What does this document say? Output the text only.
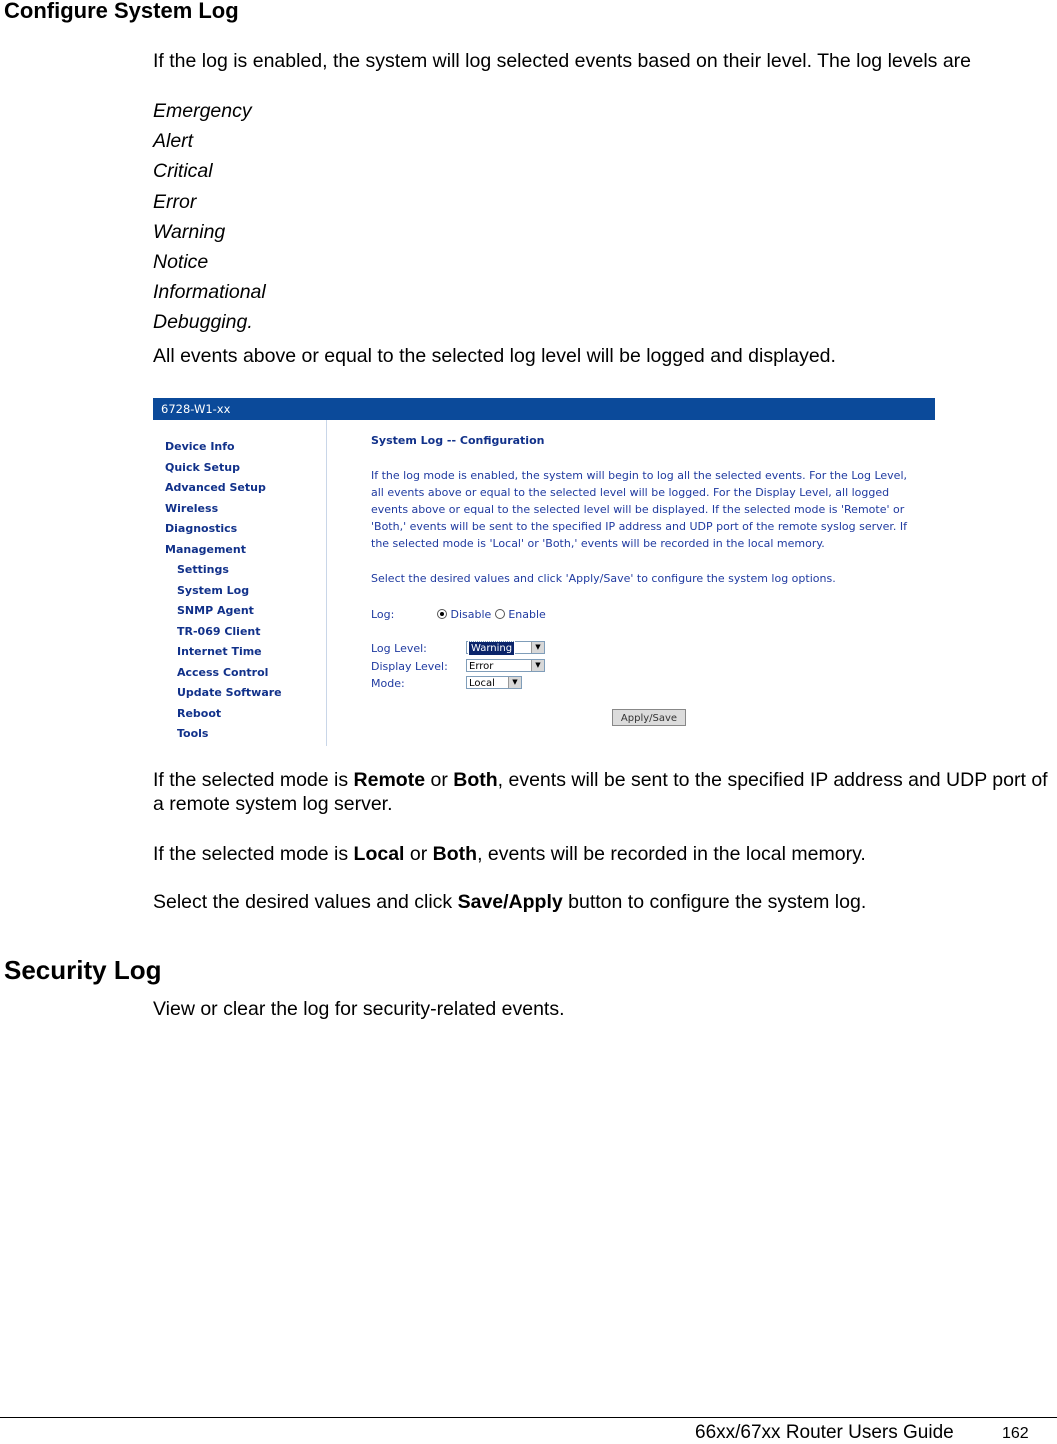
Configure System Log
If the log is enabled, the system will log selected events based on their level. The log levels are
Emergency
Alert
Critical
Error
Warning
Notice
Informational
Debugging.
All events above or equal to the selected log level will be logged and displayed.
6728-W1-xx
Device Info
Quick Setup
Advanced Setup
Wireless
Diagnostics
Management
Settings
System Log
SNMP Agent
TR-069 Client
Internet Time
Access Control
Update Software
Reboot
Tools
System Log -- Configuration
If the log mode is enabled, the system will begin to log all the selected events. For the Log Level,
all events above or equal to the selected level will be logged. For the Display Level, all logged
events above or equal to the selected level will be displayed. If the selected mode is 'Remote' or
'Both,' events will be sent to the specified IP address and UDP port of the remote syslog server. If
the selected mode is 'Local' or 'Both,' events will be recorded in the local memory.
Select the desired values and click 'Apply/Save' to configure the system log options.
Log:	Disable Enable
Log Level:	Warning	▼
Display Level:	Error	▼
Mode:	Local	▼
Apply/Save
If the selected mode is Remote or Both, events will be sent to the specified IP address and UDP port of a remote system log server.
If the selected mode is Local or Both, events will be recorded in the local memory.
Select the desired values and click Save/Apply button to configure the system log.
Security Log
View or clear the log for security-related events.
66xx/67xx Router Users Guide	162
